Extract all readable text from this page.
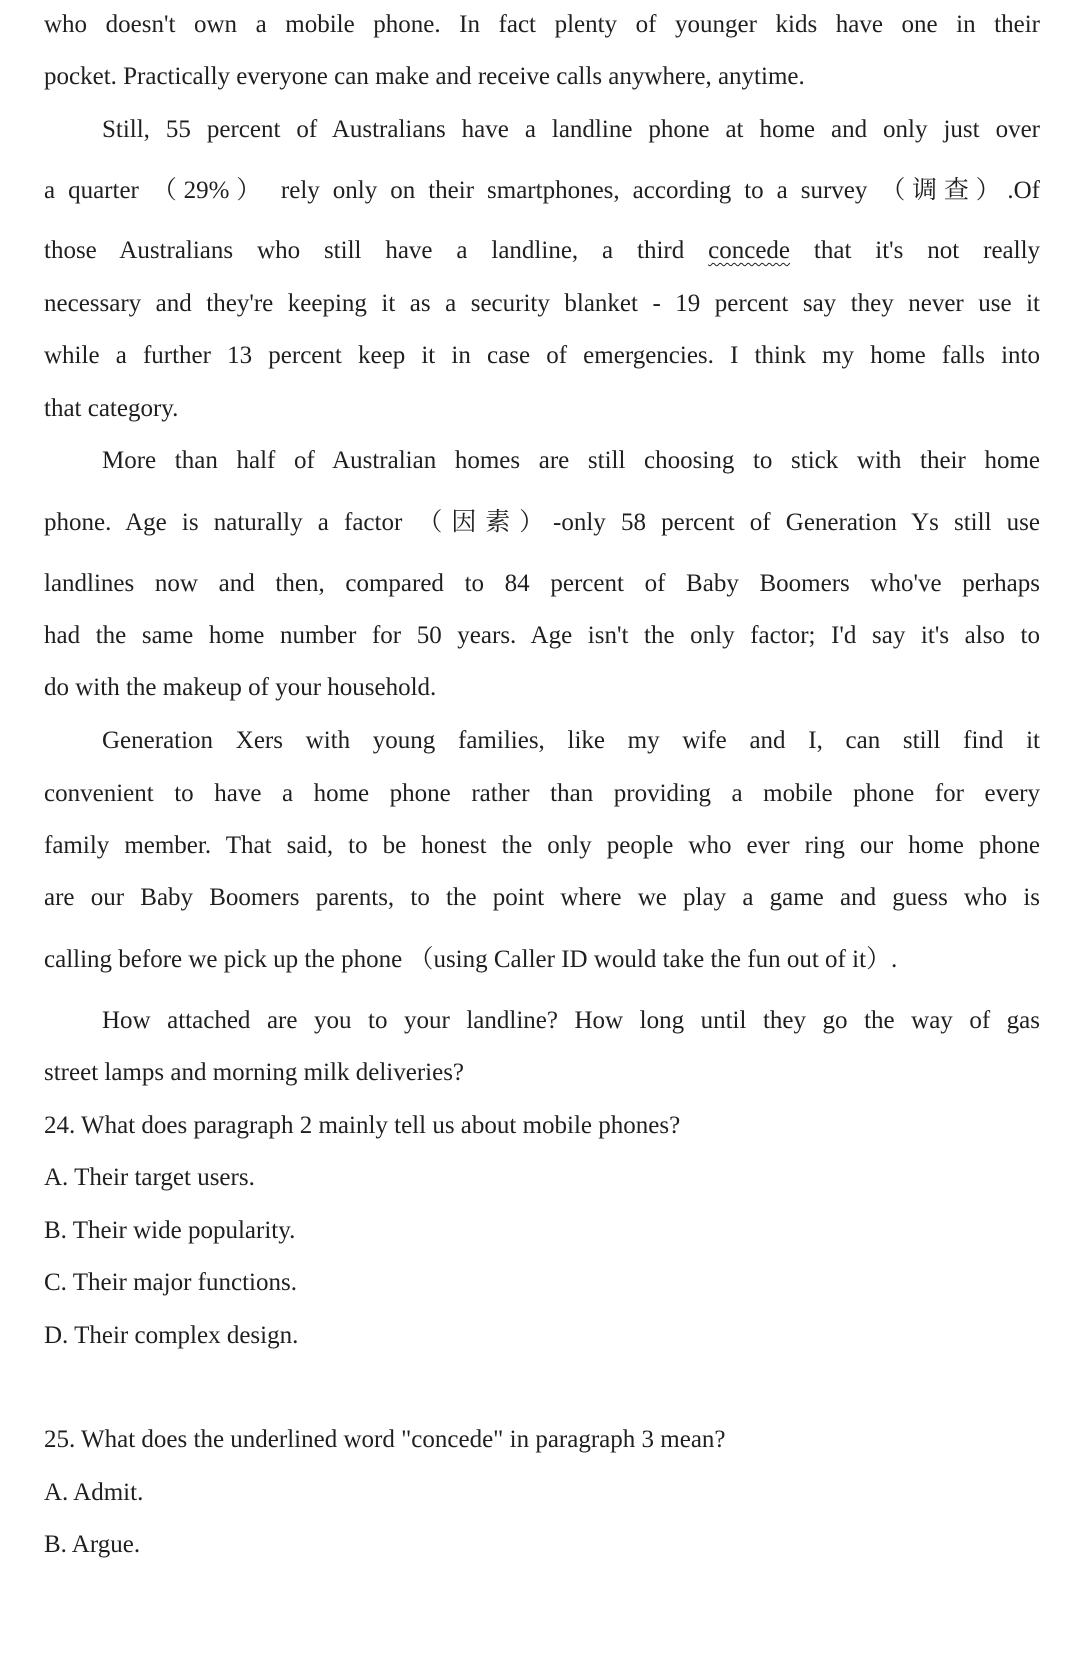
who doesn't own a mobile phone. In fact plenty of younger kids have one in their
pocket. Practically everyone can make and receive calls anywhere, anytime.
Still, 55 percent of Australians have a landline phone at home and only just over
a quarter （29%） rely only on their smartphones, according to a survey （调查）.Of
those Australians who still have a landline, a third concede that it's not really
necessary and they're keeping it as a security blanket - 19 percent say they never use it
while a further 13 percent keep it in case of emergencies. I think my home falls into
that category.
More than half of Australian homes are still choosing to stick with their home
phone. Age is naturally a factor （因素）-only 58 percent of Generation Ys still use
landlines now and then, compared to 84 percent of Baby Boomers who've perhaps
had the same home number for 50 years. Age isn't the only factor; I'd say it's also to
do with the makeup of your household.
Generation Xers with young families, like my wife and I, can still find it
convenient to have a home phone rather than providing a mobile phone for every
family member. That said, to be honest the only people who ever ring our home phone
are our Baby Boomers parents, to the point where we play a game and guess who is
calling before we pick up the phone （using Caller ID would take the fun out of it）.
How attached are you to your landline? How long until they go the way of gas
street lamps and morning milk deliveries?
24. What does paragraph 2 mainly tell us about mobile phones?
A. Their target users.
B. Their wide popularity.
C. Their major functions.
D. Their complex design.
25. What does the underlined word "concede" in paragraph 3 mean?
A. Admit.
B. Argue.
